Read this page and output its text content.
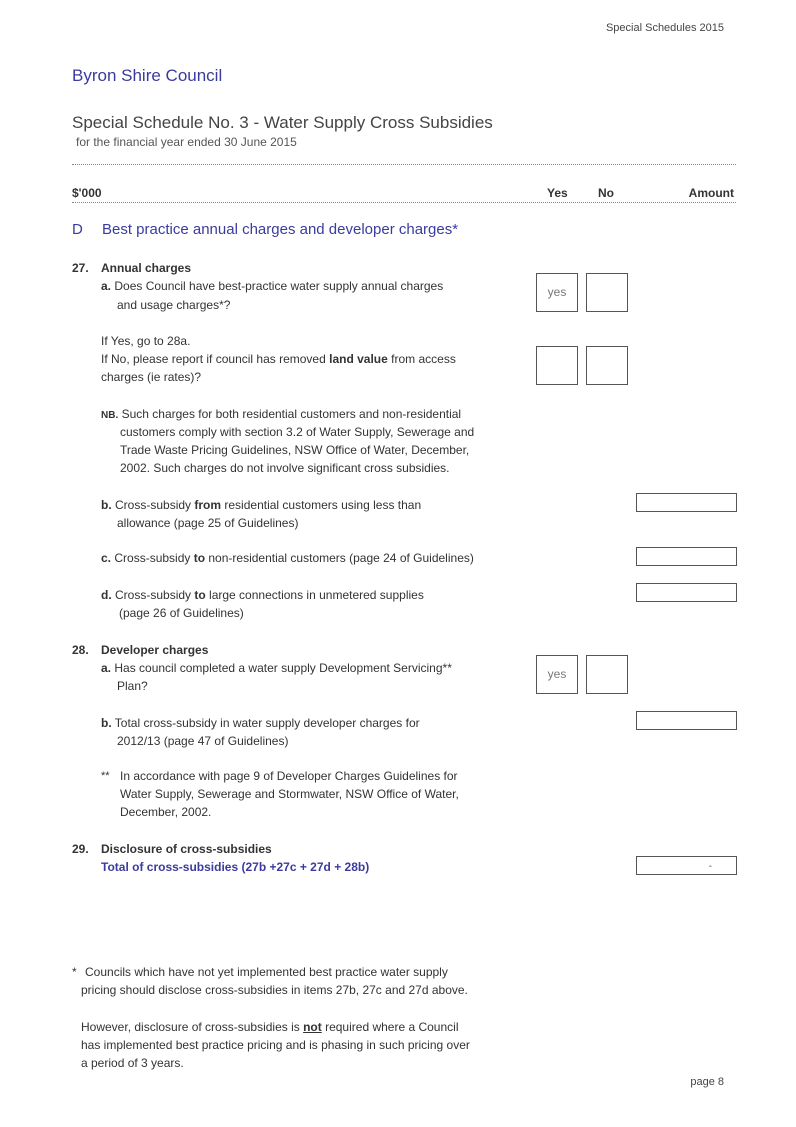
Special Schedules 2015
Byron Shire Council
Special Schedule No. 3 - Water Supply Cross Subsidies
for the financial year ended 30 June 2015
$'000	Yes	No	Amount
D Best practice annual charges and developer charges*
27. Annual charges
a. Does Council have best-practice water supply annual charges
and usage charges*?
yes
If Yes, go to 28a.
If No, please report if council has removed land value from access
charges (ie rates)?
NB. Such charges for both residential customers and non-residential
customers comply with section 3.2 of Water Supply, Sewerage and
Trade Waste Pricing Guidelines, NSW Office of Water, December,
2002. Such charges do not involve significant cross subsidies.
b. Cross-subsidy from residential customers using less than
allowance (page 25 of Guidelines)
c. Cross-subsidy to non-residential customers (page 24 of Guidelines)
d. Cross-subsidy to large connections in unmetered supplies
(page 26 of Guidelines)
28. Developer charges
a. Has council completed a water supply Development Servicing**
Plan?
yes
b. Total cross-subsidy in water supply developer charges for
2012/13 (page 47 of Guidelines)
** In accordance with page 9 of Developer Charges Guidelines for
Water Supply, Sewerage and Stormwater, NSW Office of Water,
December, 2002.
29. Disclosure of cross-subsidies
Total of cross-subsidies (27b +27c + 27d + 28b)	-
* Councils which have not yet implemented best practice water supply
pricing should disclose cross-subsidies in items 27b, 27c and 27d above.
However, disclosure of cross-subsidies is not required where a Council
has implemented best practice pricing and is phasing in such pricing over
a period of 3 years.
page 8
